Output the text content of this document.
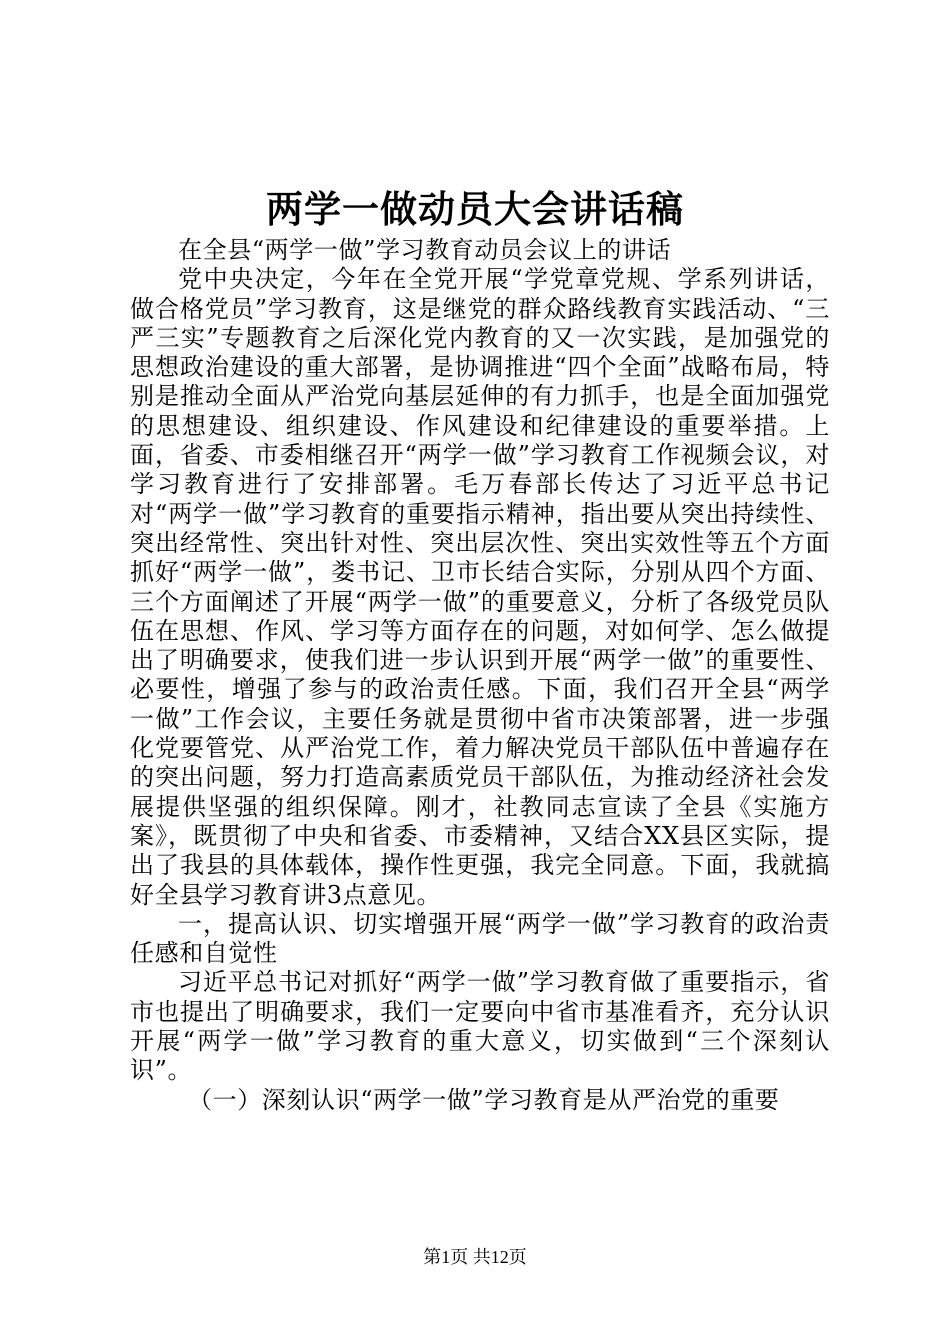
两学一做动员大会讲话稿

在全县“两学一做”学习教育动员会议上的讲话

党中央决定，今年在全党开展“学党章党规、学系列讲话，做合格党员”学习教育，这是继党的群众路线教育实践活动、“三严三实”专题教育之后深化党内教育的又一次实践，是加强党的思想政治建设的重大部署，是协调推进“四个全面”战略布局，特别是推动全面从严治党向基层延伸的有力抓手，也是全面加强党的思想建设、组织建设、作风建设和纪律建设的重要举措。上面，省委、市委相继召开“两学一做”学习教育工作视频会议，对学习教育进行了安排部署。毛万春部长传达了习近平总书记对“两学一做”学习教育的重要指示精神，指出要从突出持续性、突出经常性、突出针对性、突出层次性、突出实效性等五个方面抓好“两学一做”，娄书记、卫市长结合实际，分别从四个方面、三个方面阐述了开展“两学一做”的重要意义，分析了各级党员队伍在思想、作风、学习等方面存在的问题，对如何学、怎么做提出了明确要求，使我们进一步认识到开展“两学一做”的重要性、必要性，增强了参与的政治责任感。下面，我们召开全县“两学一做”工作会议，主要任务就是贯彻中省市决策部署，进一步强化党要管党、从严治党工作，着力解决党员干部队伍中普遍存在的突出问题，努力打造高素质党员干部队伍，为推动经济社会发展提供坚强的组织保障。刚才，社教同志宣读了全县《实施方案》，既贯彻了中央和省委、市委精神，又结合XX县区实际，提出了我县的具体载体，操作性更强，我完全同意。下面，我就搞好全县学习教育讲3点意见。

一，提高认识、切实增强开展“两学一做”学习教育的政治责任感和自觉性

习近平总书记对抓好“两学一做”学习教育做了重要指示，省市也提出了明确要求，我们一定要向中省市基准看齐，充分认识开展“两学一做”学习教育的重大意义，切实做到“三个深刻认识”。

（一）深刻认识“两学一做”学习教育是从严治党的重要

第1页 共12页
